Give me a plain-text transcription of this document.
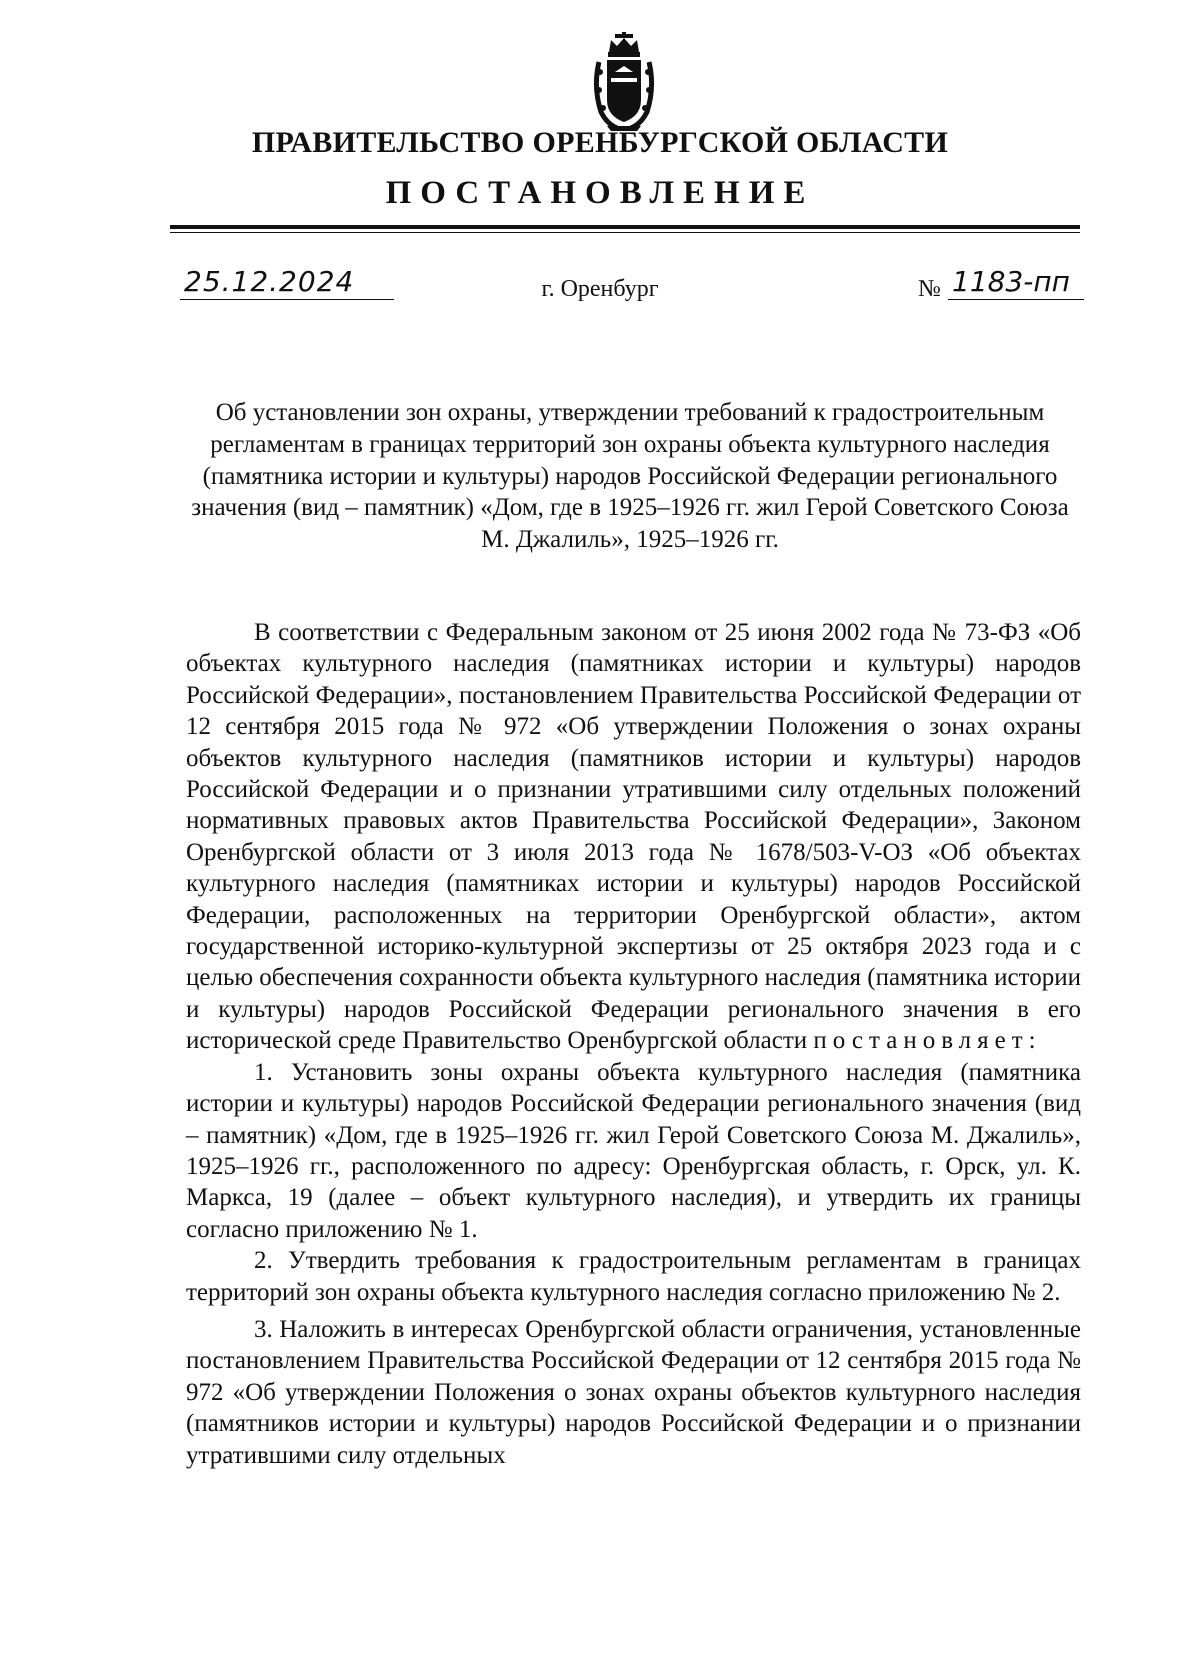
ПРАВИТЕЛЬСТВО ОРЕНБУРГСКОЙ ОБЛАСТИ
ПОСТАНОВЛЕНИЕ
25.12.2024	г. Оренбург	№ 1183-пп
Об установлении зон охраны, утверждении требований к градостроительным регламентам в границах территорий зон охраны объекта культурного наследия (памятника истории и культуры) народов Российской Федерации регионального значения (вид – памятник) «Дом, где в 1925–1926 гг. жил Герой Советского Союза М. Джалиль», 1925–1926 гг.

В соответствии с Федеральным законом от 25 июня 2002 года № 73-ФЗ «Об объектах культурного наследия (памятниках истории и культуры) народов Российской Федерации», постановлением Правительства Российской Федерации от 12 сентября 2015 года № 972 «Об утверждении Положения о зонах охраны объектов культурного наследия (памятников истории и культуры) народов Российской Федерации и о признании утратившими силу отдельных положений нормативных правовых актов Правительства Российской Федерации», Законом Оренбургской области от 3 июля 2013 года № 1678/503-V-ОЗ «Об объектах культурного наследия (памятниках истории и культуры) народов Российской Федерации, расположенных на территории Оренбургской области», актом государственной историко-культурной экспертизы от 25 октября 2023 года и с целью обеспечения сохранности объекта культурного наследия (памятника истории и культуры) народов Российской Федерации регионального значения в его исторической среде Правительство Оренбургской области постановляет:

1. Установить зоны охраны объекта культурного наследия (памятника истории и культуры) народов Российской Федерации регионального значения (вид – памятник) «Дом, где в 1925–1926 гг. жил Герой Советского Союза М. Джалиль», 1925–1926 гг., расположенного по адресу: Оренбургская область, г. Орск, ул. К. Маркса, 19 (далее – объект культурного наследия), и утвердить их границы согласно приложению № 1.

2. Утвердить требования к градостроительным регламентам в границах территорий зон охраны объекта культурного наследия согласно приложению № 2.

3. Наложить в интересах Оренбургской области ограничения, установленные постановлением Правительства Российской Федерации от 12 сентября 2015 года № 972 «Об утверждении Положения о зонах охраны объектов культурного наследия (памятников истории и культуры) народов Российской Федерации и о признании утратившими силу отдельных
